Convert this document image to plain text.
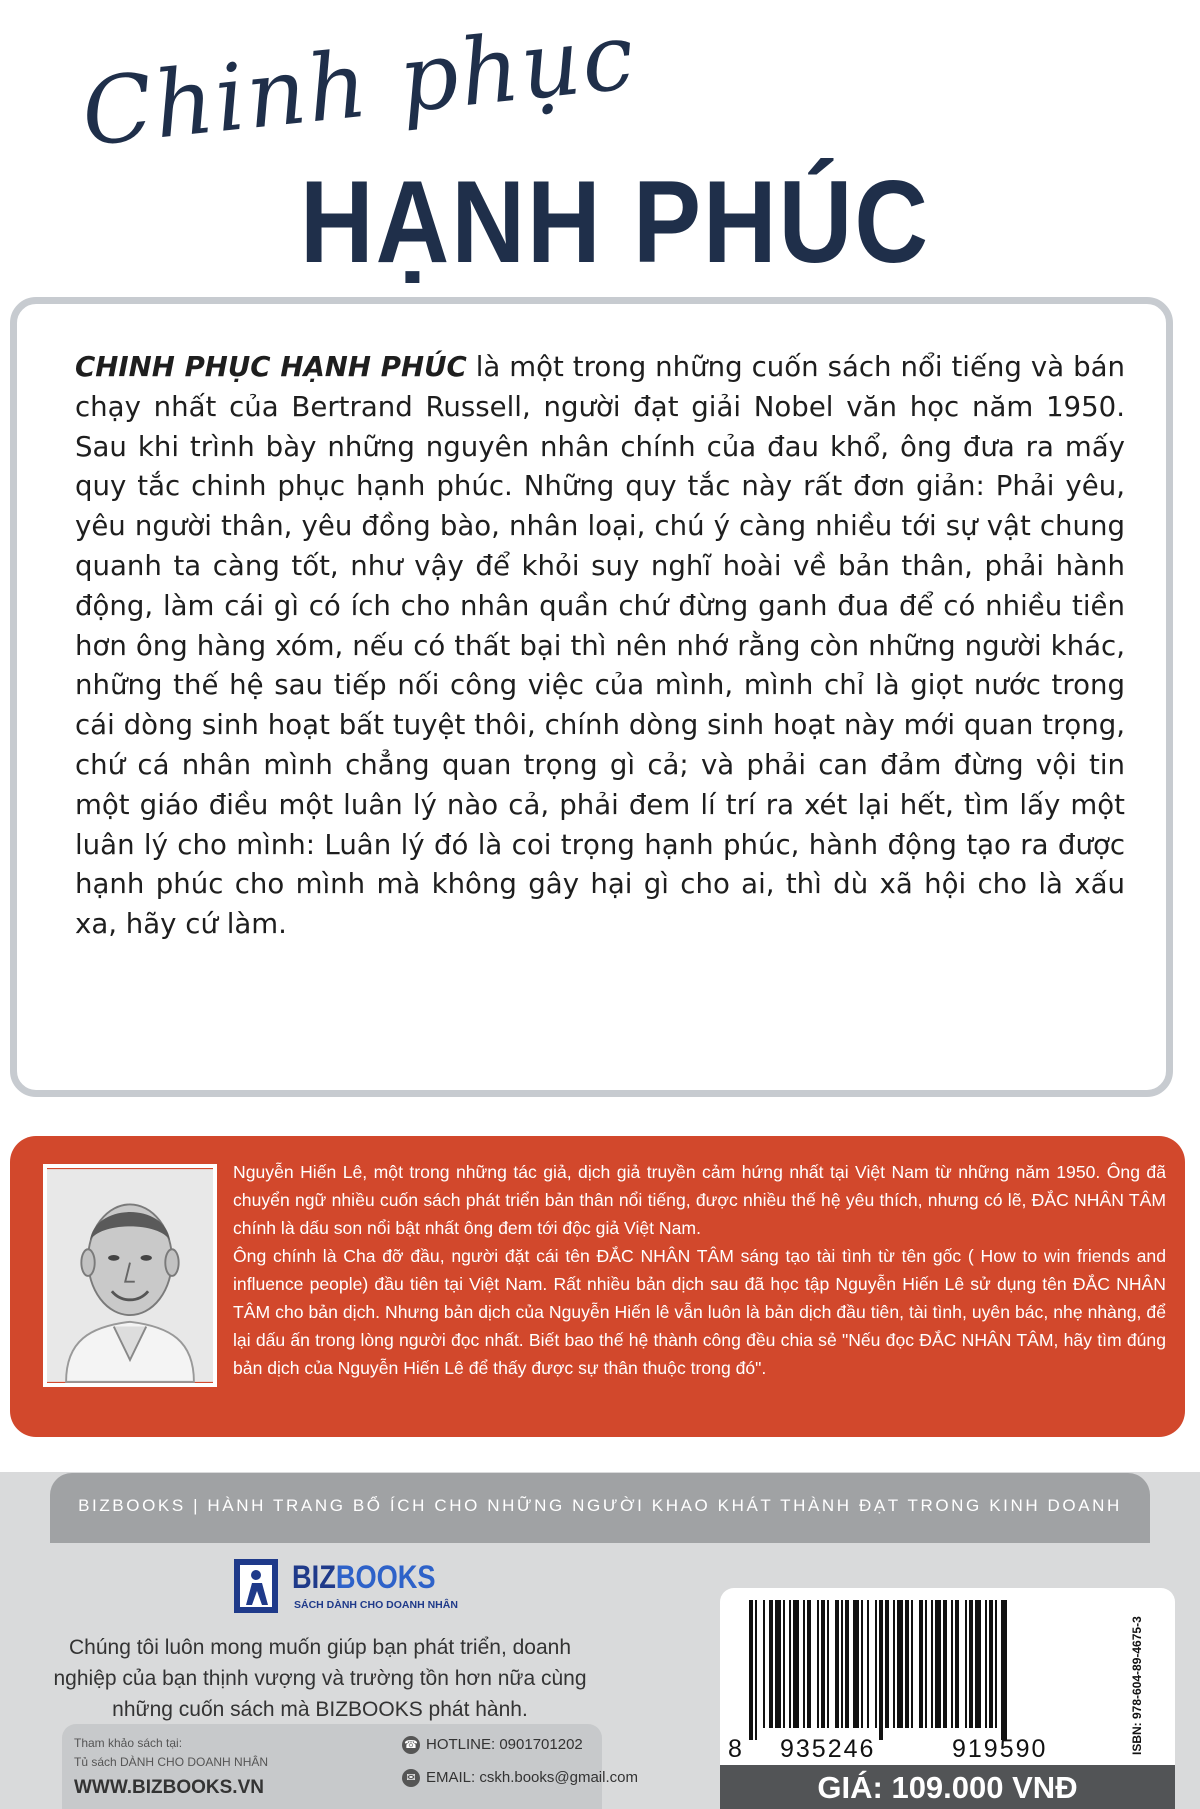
Chinh phục
HẠNH PHÚC
CHINH PHỤC HẠNH PHÚC là một trong những cuốn sách nổi tiếng và bán chạy nhất của Bertrand Russell, người đạt giải Nobel văn học năm 1950. Sau khi trình bày những nguyên nhân chính của đau khổ, ông đưa ra mấy quy tắc chinh phục hạnh phúc. Những quy tắc này rất đơn giản: Phải yêu, yêu người thân, yêu đồng bào, nhân loại, chú ý càng nhiều tới sự vật chung quanh ta càng tốt, như vậy để khỏi suy nghĩ hoài về bản thân, phải hành động, làm cái gì có ích cho nhân quần chứ đừng ganh đua để có nhiều tiền hơn ông hàng xóm, nếu có thất bại thì nên nhớ rằng còn những người khác, những thế hệ sau tiếp nối công việc của mình, mình chỉ là giọt nước trong cái dòng sinh hoạt bất tuyệt thôi, chính dòng sinh hoạt này mới quan trọng, chứ cá nhân mình chẳng quan trọng gì cả; và phải can đảm đừng vội tin một giáo điều một luân lý nào cả, phải đem lí trí ra xét lại hết, tìm lấy một luân lý cho mình: Luân lý đó là coi trọng hạnh phúc, hành động tạo ra được hạnh phúc cho mình mà không gây hại gì cho ai, thì dù xã hội cho là xấu xa, hãy cứ làm.

Nguyễn Hiến Lê, một trong những tác giả, dịch giả truyền cảm hứng nhất tại Việt Nam từ những năm 1950. Ông đã chuyển ngữ nhiều cuốn sách phát triển bản thân nổi tiếng, được nhiều thế hệ yêu thích, nhưng có lẽ, ĐẮC NHÂN TÂM chính là dấu son nổi bật nhất ông đem tới độc giả Việt Nam.

Ông chính là Cha đỡ đầu, người đặt cái tên ĐẮC NHÂN TÂM sáng tạo tài tình từ tên gốc ( How to win friends and influence people) đầu tiên tại Việt Nam. Rất nhiều bản dịch sau đã học tập Nguyễn Hiến Lê sử dụng tên ĐẮC NHÂN TÂM cho bản dịch. Nhưng bản dịch của Nguyễn Hiến lê vẫn luôn là bản dịch đầu tiên, tài tình, uyên bác, nhẹ nhàng, để lại dấu ấn trong lòng người đọc nhất. Biết bao thế hệ thành công đều chia sẻ "Nếu đọc ĐẮC NHÂN TÂM, hãy tìm đúng bản dịch của Nguyễn Hiến Lê để thấy được sự thân thuộc trong đó".

BIZBOOKS | HÀNH TRANG BỔ ÍCH CHO NHỮNG NGƯỜI KHAO KHÁT THÀNH ĐẠT TRONG KINH DOANH
BIZBOOKS
SÁCH DÀNH CHO DOANH NHÂN
Chúng tôi luôn mong muốn giúp bạn phát triển, doanh nghiệp của bạn thịnh vượng và trường tồn hơn nữa cùng những cuốn sách mà BIZBOOKS phát hành.
Tham khảo sách tại:
Tủ sách DÀNH CHO DOANH NHÂN
WWW.BIZBOOKS.VN
☎ HOTLINE: 0901701202
✉ EMAIL: cskh.books@gmail.com
8 935246	919590	ISBN: 978-604-89-4675-3
GIÁ: 109.000 VNĐ
